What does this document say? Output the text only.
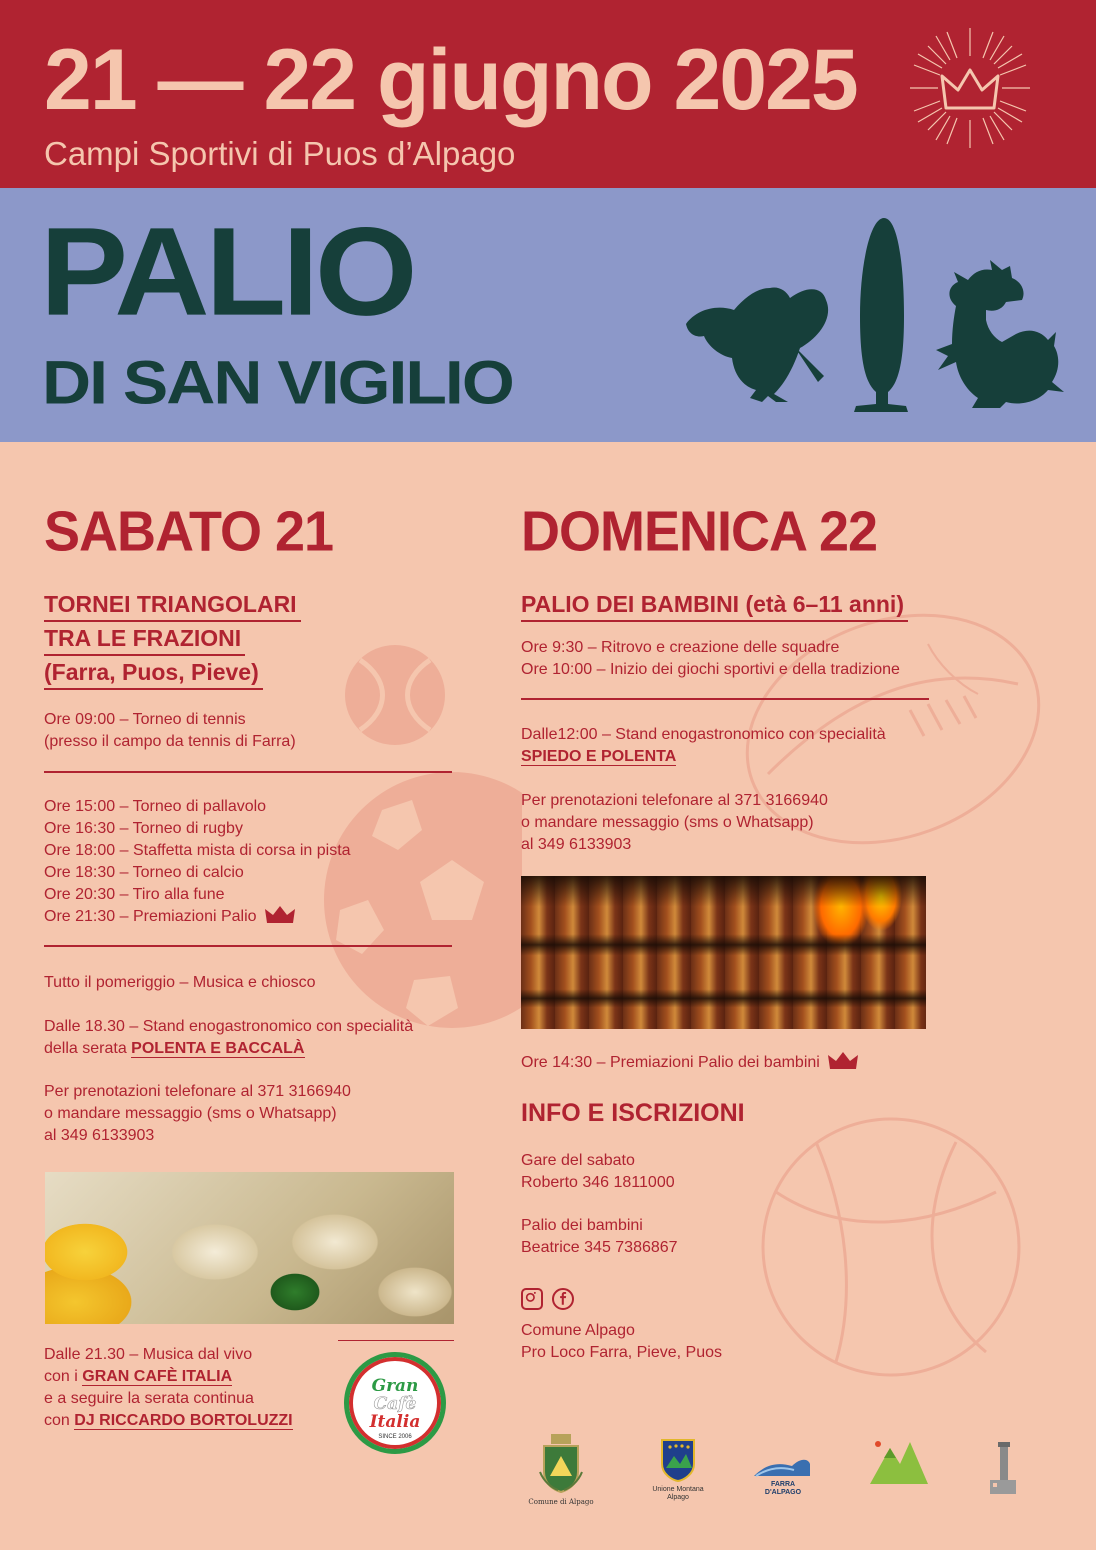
21 — 22 giugno 2025
Campi Sportivi di Puos d’Alpago
PALIO
DI SAN VIGILIO
SABATO 21
TORNEI TRIANGOLARI
TRA LE FRAZIONI
(Farra, Puos, Pieve)
Ore 09:00 – Torneo di tennis
(presso il campo da tennis di Farra)
Ore 15:00 – Torneo di pallavolo
Ore 16:30 – Torneo di rugby
Ore 18:00 – Staffetta mista di corsa in pista
Ore 18:30 – Torneo di calcio
Ore 20:30 – Tiro alla fune
Ore 21:30 – Premiazioni Palio
Tutto il pomeriggio – Musica e chiosco
Dalle 18.30 – Stand enogastronomico con specialità
della serata POLENTA E BACCALÀ
Per prenotazioni telefonare al 371 3166940
o mandare messaggio (sms o Whatsapp)
al 349 6133903
Dalle 21.30 – Musica dal vivo
con i GRAN CAFÈ ITALIA
e a seguire la serata continua
con DJ RICCARDO BORTOLUZZI
Gran
Cafè
Italia
SINCE 2006
DOMENICA 22
PALIO DEI BAMBINI (età 6–11 anni)
Ore 9:30 – Ritrovo e creazione delle squadre
Ore 10:00 – Inizio dei giochi sportivi e della tradizione
Dalle12:00 – Stand enogastronomico con specialità
SPIEDO E POLENTA
Per prenotazioni telefonare al 371 3166940
o mandare messaggio (sms o Whatsapp)
al 349 6133903
Ore 14:30 – Premiazioni Palio dei bambini
INFO E ISCRIZIONI
Gare del sabato
Roberto 346 1811000
Palio dei bambini
Beatrice 345 7386867
Comune Alpago
Pro Loco Farra, Pieve, Puos
Comune di Alpago
Unione Montana Alpago
FARRA D'ALPAGO
